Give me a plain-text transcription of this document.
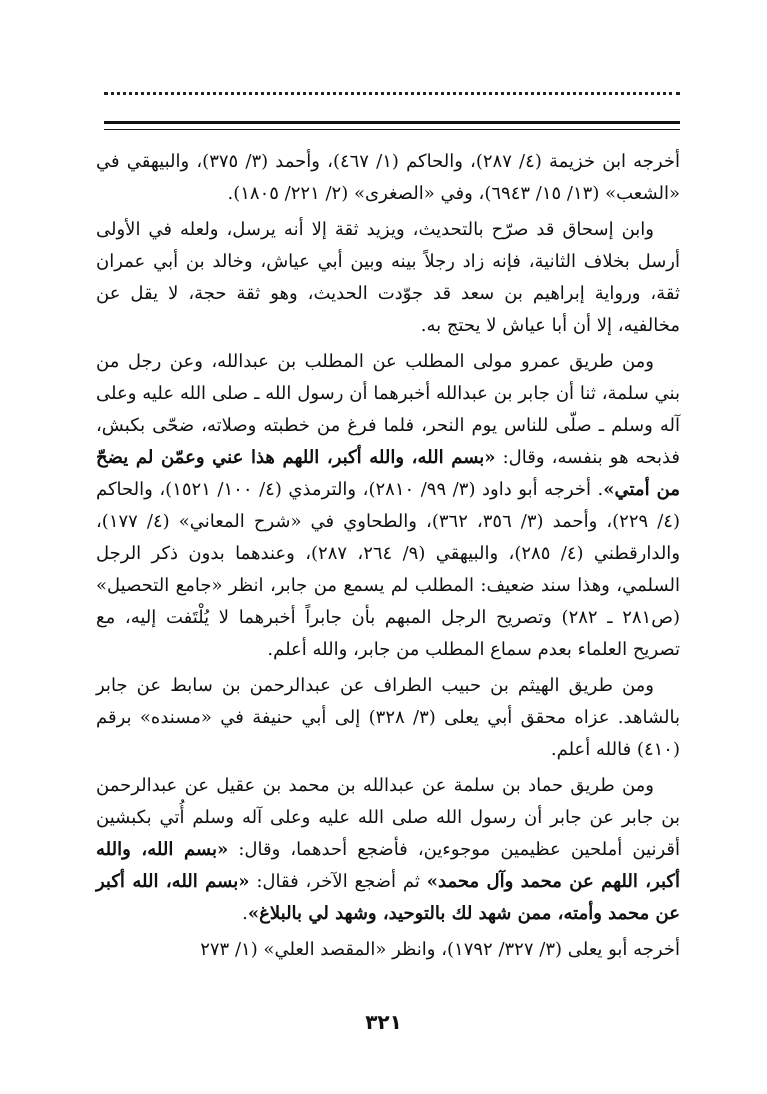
أخرجه ابن خزيمة (٤/ ٢٨٧)، والحاكم (١/ ٤٦٧)، وأحمد (٣/ ٣٧٥)، والبيهقي في «الشعب» (١٣/ ١٥/ ٦٩٤٣)، وفي «الصغرى» (٢/ ٢٢١/ ١٨٠٥).

وابن إسحاق قد صرّح بالتحديث، ويزيد ثقة إلا أنه يرسل، ولعله في الأولى أرسل بخلاف الثانية، فإنه زاد رجلاً بينه وبين أبي عياش، وخالد بن أبي عمران ثقة، ورواية إبراهيم بن سعد قد جوّدت الحديث، وهو ثقة حجة، لا يقل عن مخالفيه، إلا أن أبا عياش لا يحتج به.

ومن طريق عمرو مولى المطلب عن المطلب بن عبدالله، وعن رجل من بني سلمة، ثنا أن جابر بن عبدالله أخبرهما أن رسول الله ـ صلى الله عليه وعلى آله وسلم ـ صلّى للناس يوم النحر، فلما فرغ من خطبته وصلاته، ضحّى بكبش، فذبحه هو بنفسه، وقال: «بسم الله، والله أكبر، اللهم هذا عني وعمّن لم يضحّ من أمتي». أخرجه أبو داود (٣/ ٩٩/ ٢٨١٠)، والترمذي (٤/ ١٠٠/ ١٥٢١)، والحاكم (٤/ ٢٢٩)، وأحمد (٣/ ٣٥٦، ٣٦٢)، والطحاوي في «شرح المعاني» (٤/ ١٧٧)، والدارقطني (٤/ ٢٨٥)، والبيهقي (٩/ ٢٦٤، ٢٨٧)، وعندهما بدون ذكر الرجل السلمي، وهذا سند ضعيف: المطلب لم يسمع من جابر، انظر «جامع التحصيل» (ص٢٨١ ـ ٢٨٢) وتصريح الرجل المبهم بأن جابراً أخبرهما لا يُلْتَفت إليه، مع تصريح العلماء بعدم سماع المطلب من جابر، والله أعلم.

ومن طريق الهيثم بن حبيب الطراف عن عبدالرحمن بن سابط عن جابر بالشاهد. عزاه محقق أبي يعلى (٣/ ٣٢٨) إلى أبي حنيفة في «مسنده» برقم (٤١٠) فالله أعلم.

ومن طريق حماد بن سلمة عن عبدالله بن محمد بن عقيل عن عبدالرحمن بن جابر عن جابر أن رسول الله صلى الله عليه وعلى آله وسلم أُتي بكبشين أقرنين أملحين عظيمين موجوءين، فأضجع أحدهما، وقال: «بسم الله، والله أكبر، اللهم عن محمد وآل محمد» ثم أضجع الآخر، فقال: «بسم الله، الله أكبر عن محمد وأمته، ممن شهد لك بالتوحيد، وشهد لي بالبلاغ».

أخرجه أبو يعلى (٣/ ٣٢٧/ ١٧٩٢)، وانظر «المقصد العلي» (١/ ٢٧٣

٣٢١
